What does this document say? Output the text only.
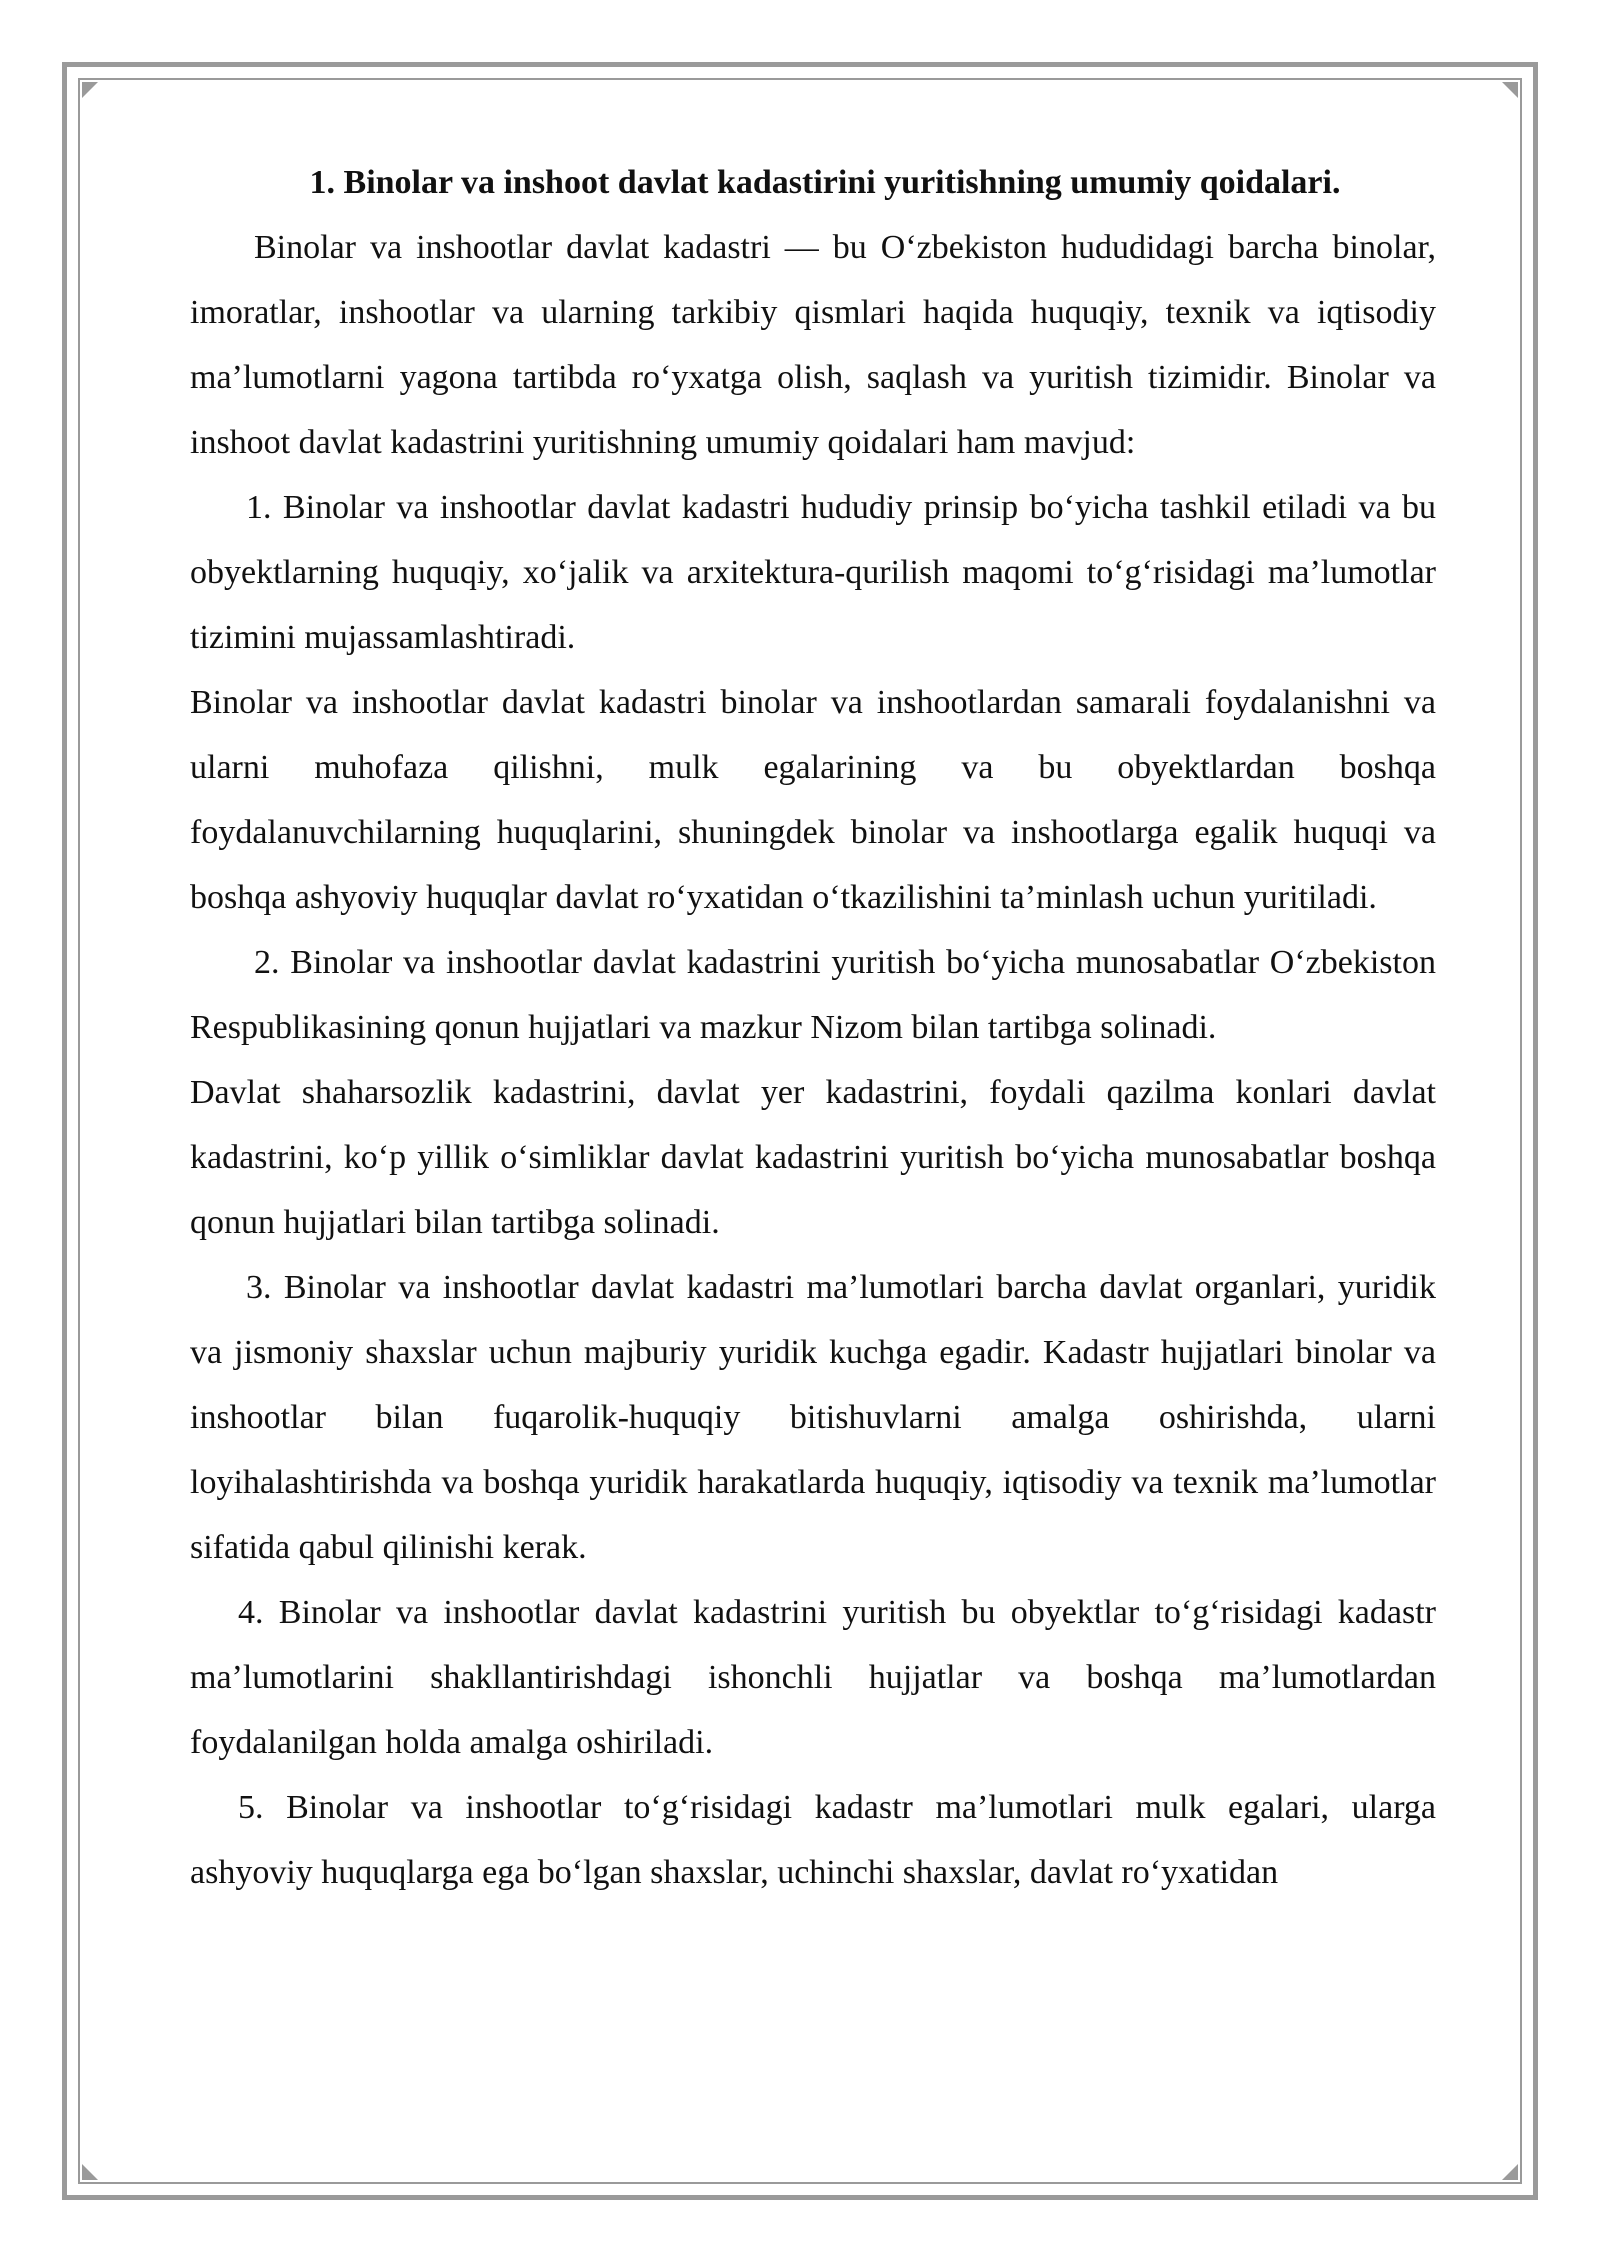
1. Binolar va inshoot davlat kadastirini yuritishning umumiy qoidalari.

Binolar va inshootlar davlat kadastri — bu O‘zbekiston hududidagi barcha binolar, imoratlar, inshootlar va ularning tarkibiy qismlari haqida huquqiy, texnik va iqtisodiy ma’lumotlarni yagona tartibda ro‘yxatga olish, saqlash va yuritish tizimidir. Binolar va inshoot davlat kadastrini yuritishning umumiy qoidalari ham mavjud:

1. Binolar va inshootlar davlat kadastri hududiy prinsip bo‘yicha tashkil etiladi va bu obyektlarning huquqiy, xo‘jalik va arxitektura-qurilish maqomi to‘g‘risidagi ma’lumotlar tizimini mujassamlashtiradi.

Binolar va inshootlar davlat kadastri binolar va inshootlardan samarali foydalanishni va ularni muhofaza qilishni, mulk egalarining va bu obyektlardan boshqa foydalanuvchilarning huquqlarini, shuningdek binolar va inshootlarga egalik huquqi va boshqa ashyoviy huquqlar davlat ro‘yxatidan o‘tkazilishini ta’minlash uchun yuritiladi.

2. Binolar va inshootlar davlat kadastrini yuritish bo‘yicha munosabatlar O‘zbekiston Respublikasining qonun hujjatlari va mazkur Nizom bilan tartibga solinadi.

Davlat shaharsozlik kadastrini, davlat yer kadastrini, foydali qazilma konlari davlat kadastrini, ko‘p yillik o‘simliklar davlat kadastrini yuritish bo‘yicha munosabatlar boshqa qonun hujjatlari bilan tartibga solinadi.

3. Binolar va inshootlar davlat kadastri ma’lumotlari barcha davlat organlari, yuridik va jismoniy shaxslar uchun majburiy yuridik kuchga egadir. Kadastr hujjatlari binolar va inshootlar bilan fuqarolik-huquqiy bitishuvlarni amalga oshirishda, ularni loyihalashtirishda va boshqa yuridik harakatlarda huquqiy, iqtisodiy va texnik ma’lumotlar sifatida qabul qilinishi kerak.

4. Binolar va inshootlar davlat kadastrini yuritish bu obyektlar to‘g‘risidagi kadastr ma’lumotlarini shakllantirishdagi ishonchli hujjatlar va boshqa ma’lumotlardan foydalanilgan holda amalga oshiriladi.

5. Binolar va inshootlar to‘g‘risidagi kadastr ma’lumotlari mulk egalari, ularga ashyoviy huquqlarga ega bo‘lgan shaxslar, uchinchi shaxslar, davlat ro‘yxatidan
